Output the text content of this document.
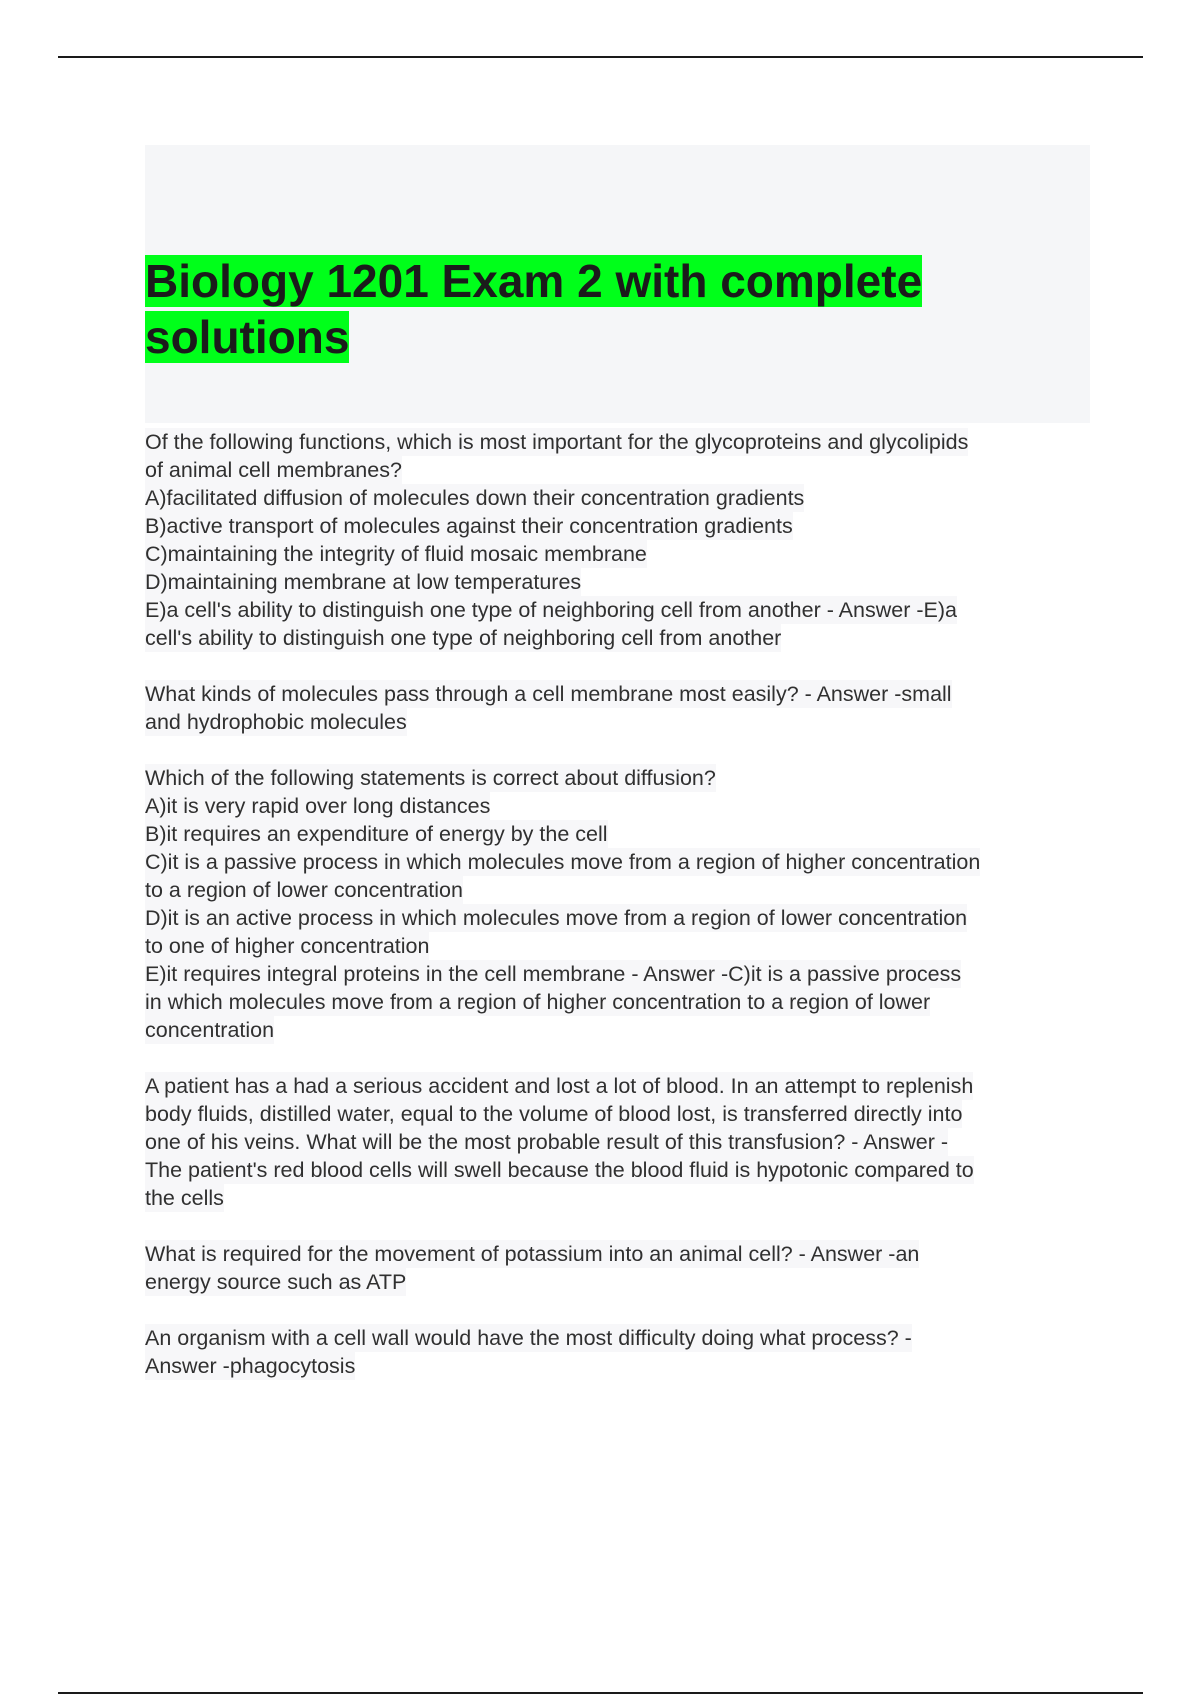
Biology 1201 Exam 2 with complete
solutions
Of the following functions, which is most important for the glycoproteins and glycolipids
of animal cell membranes?
A)facilitated diffusion of molecules down their concentration gradients
B)active transport of molecules against their concentration gradients
C)maintaining the integrity of fluid mosaic membrane
D)maintaining membrane at low temperatures
E)a cell's ability to distinguish one type of neighboring cell from another - Answer -E)a
cell's ability to distinguish one type of neighboring cell from another
What kinds of molecules pass through a cell membrane most easily? - Answer -small
and hydrophobic molecules
Which of the following statements is correct about diffusion?
A)it is very rapid over long distances
B)it requires an expenditure of energy by the cell
C)it is a passive process in which molecules move from a region of higher concentration
to a region of lower concentration
D)it is an active process in which molecules move from a region of lower concentration
to one of higher concentration
E)it requires integral proteins in the cell membrane - Answer -C)it is a passive process
in which molecules move from a region of higher concentration to a region of lower
concentration
A patient has a had a serious accident and lost a lot of blood. In an attempt to replenish
body fluids, distilled water, equal to the volume of blood lost, is transferred directly into
one of his veins. What will be the most probable result of this transfusion? - Answer -
The patient's red blood cells will swell because the blood fluid is hypotonic compared to
the cells
What is required for the movement of potassium into an animal cell? - Answer -an
energy source such as ATP
An organism with a cell wall would have the most difficulty doing what process? -
Answer -phagocytosis
